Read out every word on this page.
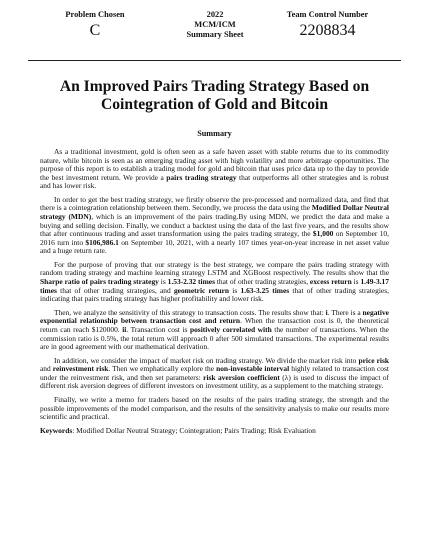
Problem Chosen
C
2022
MCM/ICM
Summary Sheet
Team Control Number
2208834
An Improved Pairs Trading Strategy Based on
Cointegration of Gold and Bitcoin
Summary

As a traditional investment, gold is often seen as a safe haven asset with stable returns due to its commodity nature, while bitcoin is seen as an emerging trading asset with high volatility and more arbitrage opportunities. The purpose of this report is to establish a trading model for gold and bitcoin that uses price data up to the day to provide the best investment return. We provide a pairs trading strategy that outperforms all other strategies and is robust and has lower risk.

In order to get the best trading strategy, we firstly observe the pre-processed and normalized data, and find that there is a cointegration relationship between them. Secondly, we process the data using the Modified Dollar Neutral strategy (MDN), which is an improvement of the pairs trading.By using MDN, we predict the data and make a buying and selling decision. Finally, we conduct a backtest using the data of the last five years, and the results show that after continuous trading and asset transformation using the pairs trading strategy, the $1,000 on September 10, 2016 turn into $106,986.1 on September 10, 2021, with a nearly 107 times year-on-year increase in net asset value and a huge return rate.

For the purpose of proving that our strategy is the best strategy, we compare the pairs trading strategy with random trading strategy and machine learning strategy LSTM and XGBoost respectively. The results show that the Sharpe ratio of pairs trading strategy is 1.53-2.32 times that of other trading strategies, excess return is 1.49-3.17 times that of other trading strategies, and geometric return is 1.63-3.25 times that of other trading strategies, indicating that pairs trading strategy has higher profitability and lower risk.

Then, we analyze the sensitivity of this strategy to transaction costs. The results show that: i. There is a negative exponential relationship between transaction cost and return. When the transaction cost is 0, the theoretical return can reach $120000. ii. Transaction cost is positively correlated with the number of transactions. When the commission ratio is 0.5%, the total return will approach 0 after 500 simulated transactions. The experimental results are in good agreement with our mathematical derivation.

In addition, we consider the impact of market risk on trading strategy. We divide the market risk into price risk and reinvestment risk. Then we emphatically explore the non-investable interval highly related to transaction cost under the reinvestment risk, and then set parameters: risk aversion coefficient (λ) is used to discuss the impact of different risk aversion degrees of different investors on investment utility, as a supplement to the matching strategy.

Finally, we write a memo for traders based on the results of the pairs trading strategy, the strength and the possible improvements of the model comparison, and the results of the sensitivity analysis to make our results more scientific and practical.

Keywords: Modified Dollar Neutral Strategy; Cointegration; Pairs Trading; Risk Evaluation
